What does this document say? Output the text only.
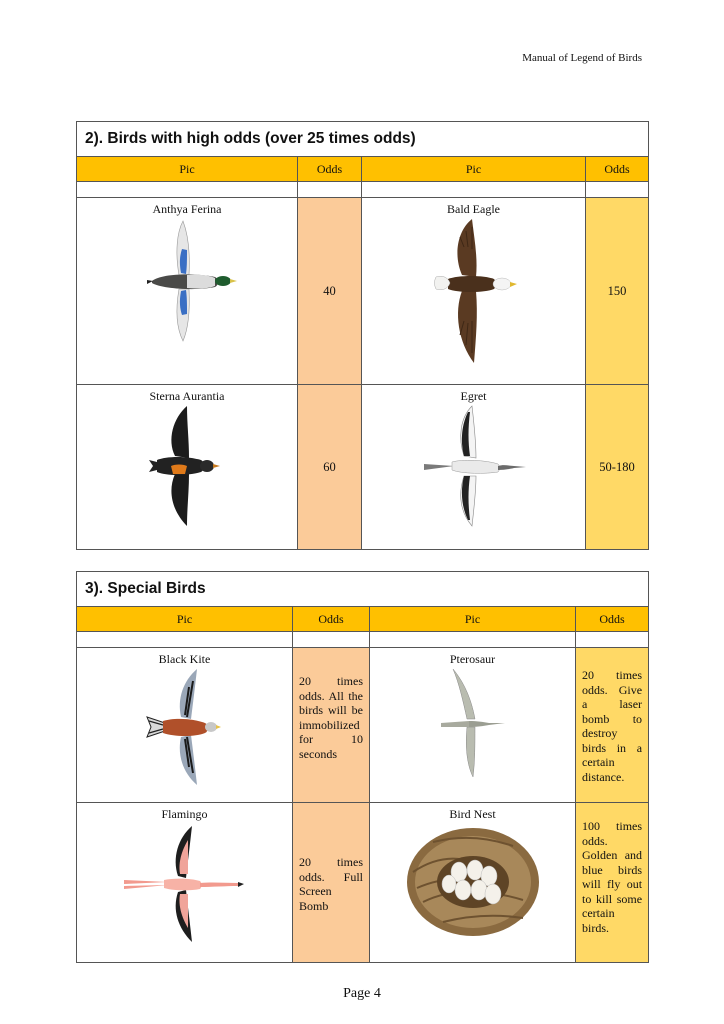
Manual of Legend of Birds
2). Birds with high odds (over 25 times odds)			
Pic	Odds	Pic	Odds

Anthya Ferina	40	Bald Eagle	150

Sterna Aurantia	60	Egret	50-180
3). Special Birds			
Pic	Odds	Pic	Odds

Black Kite	20 times odds. All the birds will be immobilized for 10 seconds	Pterosaur	20 times odds. Give a laser bomb to destroy birds in a certain distance.

Flamingo	20 times odds. Full Screen Bomb	Bird Nest	100 times odds. Golden and blue birds will fly out to kill some certain birds.
Page 4
